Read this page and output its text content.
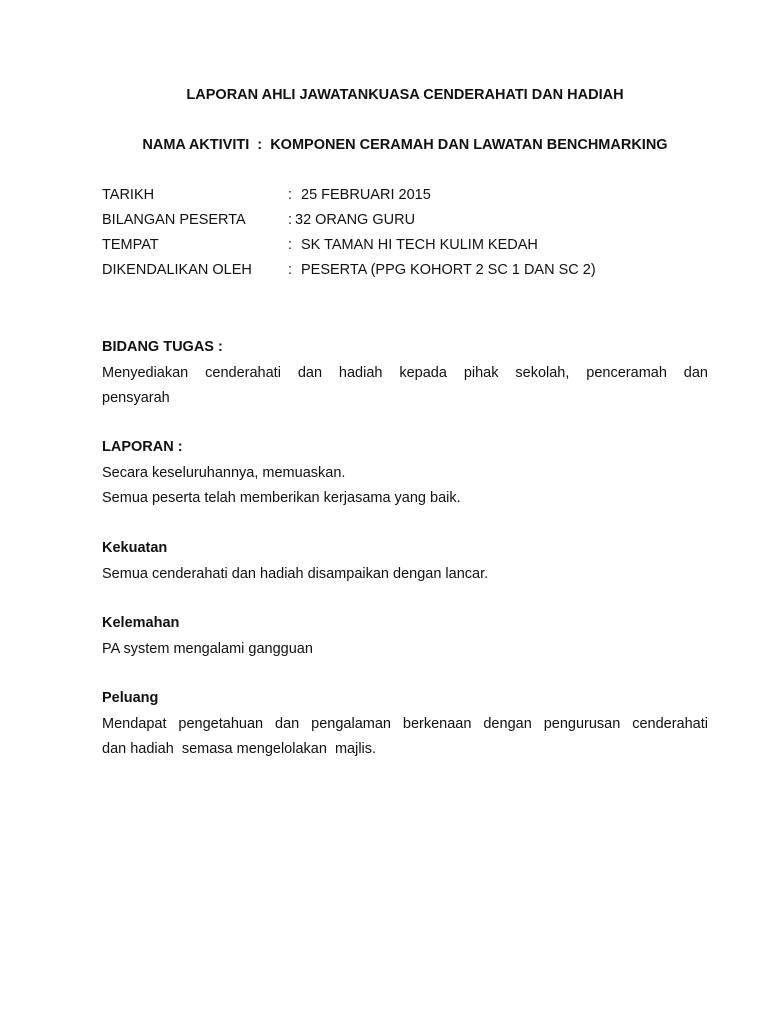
LAPORAN AHLI JAWATANKUASA CENDERAHATI DAN HADIAH
NAMA AKTIVITI  :  KOMPONEN CERAMAH DAN LAWATAN BENCHMARKING
TARIKH	: 25 FEBRUARI 2015
BILANGAN PESERTA	: 32 ORANG GURU
TEMPAT	: SK TAMAN HI TECH KULIM KEDAH
DIKENDALIKAN OLEH : PESERTA (PPG KOHORT 2 SC 1 DAN SC 2)
BIDANG TUGAS :
Menyediakan cenderahati dan hadiah kepada pihak sekolah, penceramah dan
pensyarah
LAPORAN :
Secara keseluruhannya, memuaskan.
Semua peserta telah memberikan kerjasama yang baik.
Kekuatan
Semua cenderahati dan hadiah disampaikan dengan lancar.
Kelemahan
PA system mengalami gangguan
Peluang
Mendapat pengetahuan dan pengalaman berkenaan dengan pengurusan cenderahati
dan hadiah  semasa mengelolakan  majlis.
